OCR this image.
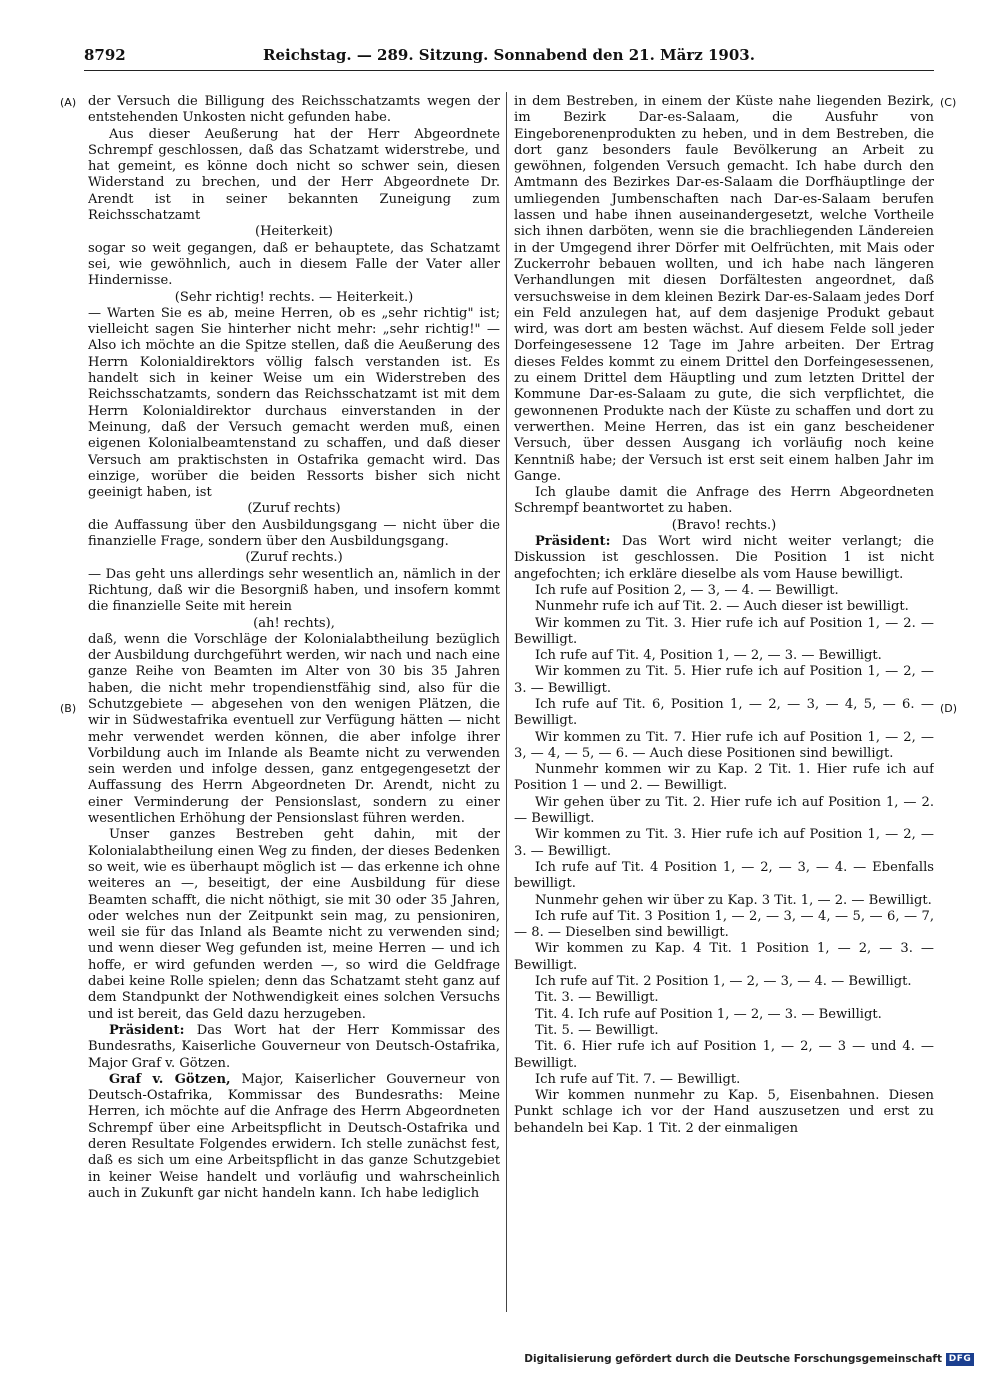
8792	Reichstag. — 289. Sitzung. Sonnabend den 21. März 1903.
(A)
(B)
(C)
(D)

der Versuch die Billigung des Reichsschatzamts wegen der entstehenden Unkosten nicht gefunden habe.

Aus dieser Aeußerung hat der Herr Abgeordnete Schrempf geschlossen, daß das Schatzamt widerstrebe, und hat gemeint, es könne doch nicht so schwer sein, diesen Widerstand zu brechen, und der Herr Abgeordnete Dr. Arendt ist in seiner bekannten Zuneigung zum Reichsschatzamt

(Heiterkeit)

sogar so weit gegangen, daß er behauptete, das Schatzamt sei, wie gewöhnlich, auch in diesem Falle der Vater aller Hindernisse.

(Sehr richtig! rechts. — Heiterkeit.)

— Warten Sie es ab, meine Herren, ob es „sehr richtig" ist; vielleicht sagen Sie hinterher nicht mehr: „sehr richtig!" — Also ich möchte an die Spitze stellen, daß die Aeußerung des Herrn Kolonialdirektors völlig falsch verstanden ist. Es handelt sich in keiner Weise um ein Widerstreben des Reichsschatzamts, sondern das Reichsschatzamt ist mit dem Herrn Kolonialdirektor durchaus einverstanden in der Meinung, daß der Versuch gemacht werden muß, einen eigenen Kolonialbeamtenstand zu schaffen, und daß dieser Versuch am praktischsten in Ostafrika gemacht wird. Das einzige, worüber die beiden Ressorts bisher sich nicht geeinigt haben, ist

(Zuruf rechts)

die Auffassung über den Ausbildungsgang — nicht über die finanzielle Frage, sondern über den Ausbildungsgang.

(Zuruf rechts.)

— Das geht uns allerdings sehr wesentlich an, nämlich in der Richtung, daß wir die Besorgniß haben, und insofern kommt die finanzielle Seite mit herein

(ah! rechts),

daß, wenn die Vorschläge der Kolonialabtheilung bezüglich der Ausbildung durchgeführt werden, wir nach und nach eine ganze Reihe von Beamten im Alter von 30 bis 35 Jahren haben, die nicht mehr tropendienstfähig sind, also für die Schutzgebiete — abgesehen von den wenigen Plätzen, die wir in Südwestafrika eventuell zur Verfügung hätten — nicht mehr verwendet werden können, die aber infolge ihrer Vorbildung auch im Inlande als Beamte nicht zu verwenden sein werden und infolge dessen, ganz entgegengesetzt der Auffassung des Herrn Abgeordneten Dr. Arendt, nicht zu einer Verminderung der Pensionslast, sondern zu einer wesentlichen Erhöhung der Pensionslast führen werden.

Unser ganzes Bestreben geht dahin, mit der Kolonialabtheilung einen Weg zu finden, der dieses Bedenken so weit, wie es überhaupt möglich ist — das erkenne ich ohne weiteres an —, beseitigt, der eine Ausbildung für diese Beamten schafft, die nicht nöthigt, sie mit 30 oder 35 Jahren, oder welches nun der Zeitpunkt sein mag, zu pensioniren, weil sie für das Inland als Beamte nicht zu verwenden sind; und wenn dieser Weg gefunden ist, meine Herren — und ich hoffe, er wird gefunden werden —, so wird die Geldfrage dabei keine Rolle spielen; denn das Schatzamt steht ganz auf dem Standpunkt der Nothwendigkeit eines solchen Versuchs und ist bereit, das Geld dazu herzugeben.

Präsident: Das Wort hat der Herr Kommissar des Bundesraths, Kaiserliche Gouverneur von Deutsch-Ostafrika, Major Graf v. Götzen.

Graf v. Götzen, Major, Kaiserlicher Gouverneur von Deutsch-Ostafrika, Kommissar des Bundesraths: Meine Herren, ich möchte auf die Anfrage des Herrn Abgeordneten Schrempf über eine Arbeitspflicht in Deutsch-Ostafrika und deren Resultate Folgendes erwidern. Ich stelle zunächst fest, daß es sich um eine Arbeitspflicht in das ganze Schutzgebiet in keiner Weise handelt und vorläufig und wahrscheinlich auch in Zukunft gar nicht handeln kann. Ich habe lediglich

in dem Bestreben, in einem der Küste nahe liegenden Bezirk, im Bezirk Dar-es-Salaam, die Ausfuhr von Eingeborenenprodukten zu heben, und in dem Bestreben, die dort ganz besonders faule Bevölkerung an Arbeit zu gewöhnen, folgenden Versuch gemacht. Ich habe durch den Amtmann des Bezirkes Dar-es-Salaam die Dorfhäuptlinge der umliegenden Jumbenschaften nach Dar-es-Salaam berufen lassen und habe ihnen auseinandergesetzt, welche Vortheile sich ihnen darböten, wenn sie die brachliegenden Ländereien in der Umgegend ihrer Dörfer mit Oelfrüchten, mit Mais oder Zuckerrohr bebauen wollten, und ich habe nach längeren Verhandlungen mit diesen Dorfältesten angeordnet, daß versuchsweise in dem kleinen Bezirk Dar-es-Salaam jedes Dorf ein Feld anzulegen hat, auf dem dasjenige Produkt gebaut wird, was dort am besten wächst. Auf diesem Felde soll jeder Dorfeingesessene 12 Tage im Jahre arbeiten. Der Ertrag dieses Feldes kommt zu einem Drittel den Dorfeingesessenen, zu einem Drittel dem Häuptling und zum letzten Drittel der Kommune Dar-es-Salaam zu gute, die sich verpflichtet, die gewonnenen Produkte nach der Küste zu schaffen und dort zu verwerthen. Meine Herren, das ist ein ganz bescheidener Versuch, über dessen Ausgang ich vorläufig noch keine Kenntniß habe; der Versuch ist erst seit einem halben Jahr im Gange.

Ich glaube damit die Anfrage des Herrn Abgeordneten Schrempf beantwortet zu haben.

(Bravo! rechts.)

Präsident: Das Wort wird nicht weiter verlangt; die Diskussion ist geschlossen. Die Position 1 ist nicht angefochten; ich erkläre dieselbe als vom Hause bewilligt.

Ich rufe auf Position 2, — 3, — 4. — Bewilligt.

Nunmehr rufe ich auf Tit. 2. — Auch dieser ist bewilligt.

Wir kommen zu Tit. 3. Hier rufe ich auf Position 1, — 2. — Bewilligt.

Ich rufe auf Tit. 4, Position 1, — 2, — 3. — Bewilligt.

Wir kommen zu Tit. 5. Hier rufe ich auf Position 1, — 2, — 3. — Bewilligt.

Ich rufe auf Tit. 6, Position 1, — 2, — 3, — 4, 5, — 6. — Bewilligt.

Wir kommen zu Tit. 7. Hier rufe ich auf Position 1, — 2, — 3, — 4, — 5, — 6. — Auch diese Positionen sind bewilligt.

Nunmehr kommen wir zu Kap. 2 Tit. 1. Hier rufe ich auf Position 1 — und 2. — Bewilligt.

Wir gehen über zu Tit. 2. Hier rufe ich auf Position 1, — 2. — Bewilligt.

Wir kommen zu Tit. 3. Hier rufe ich auf Position 1, — 2, — 3. — Bewilligt.

Ich rufe auf Tit. 4 Position 1, — 2, — 3, — 4. — Ebenfalls bewilligt.

Nunmehr gehen wir über zu Kap. 3 Tit. 1, — 2. — Bewilligt.

Ich rufe auf Tit. 3 Position 1, — 2, — 3, — 4, — 5, — 6, — 7, — 8. — Dieselben sind bewilligt.

Wir kommen zu Kap. 4 Tit. 1 Position 1, — 2, — 3. — Bewilligt.

Ich rufe auf Tit. 2 Position 1, — 2, — 3, — 4. — Bewilligt.

Tit. 3. — Bewilligt.

Tit. 4. Ich rufe auf Position 1, — 2, — 3. — Bewilligt.

Tit. 5. — Bewilligt.

Tit. 6. Hier rufe ich auf Position 1, — 2, — 3 — und 4. — Bewilligt.

Ich rufe auf Tit. 7. — Bewilligt.

Wir kommen nunmehr zu Kap. 5, Eisenbahnen. Diesen Punkt schlage ich vor der Hand auszusetzen und erst zu behandeln bei Kap. 1 Tit. 2 der einmaligen

Digitalisierung gefördert durch die Deutsche Forschungsgemeinschaft DFG
